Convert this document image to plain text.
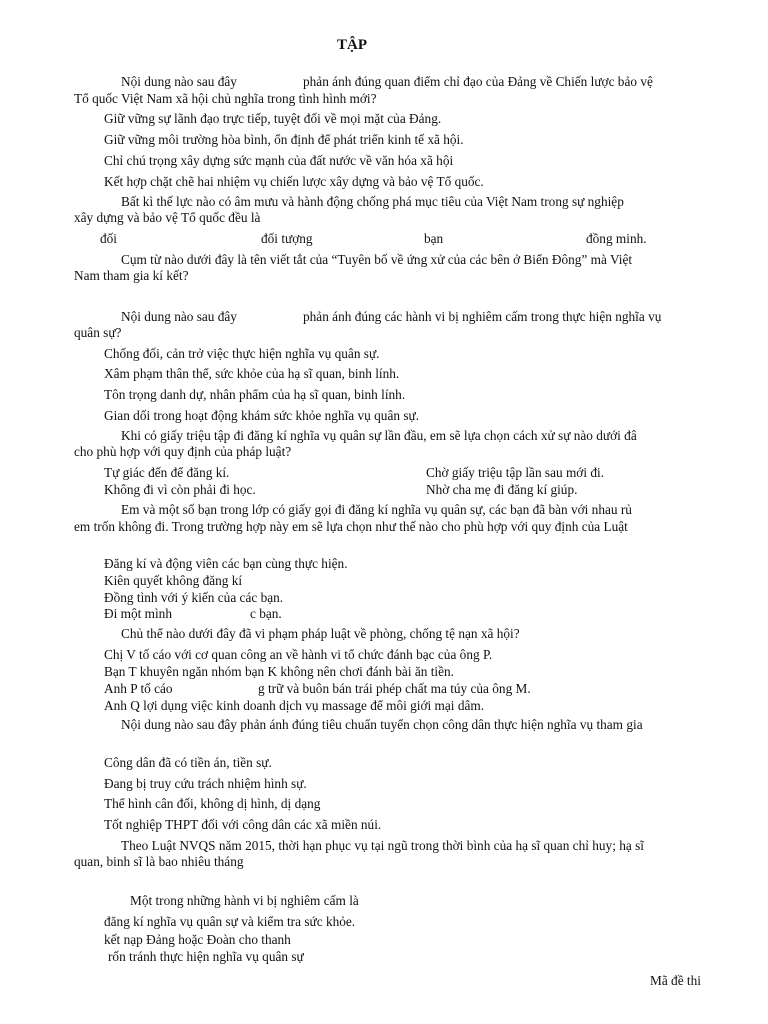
TẬP
Nội dung nào sau đây	phản ánh đúng quan điểm chỉ đạo của Đảng về Chiến lược bảo vệ
Tổ quốc Việt Nam xã hội chủ nghĩa trong tình hình mới?
Giữ vững sự lãnh đạo trực tiếp, tuyệt đối về mọi mặt của Đảng.
Giữ vững môi trường hòa bình, ổn định để phát triển kinh tế xã hội.
Chỉ chú trọng xây dựng sức mạnh của đất nước về văn hóa xã hội
Kết hợp chặt chẽ hai nhiệm vụ chiến lược xây dựng và bảo vệ Tổ quốc.
Bất kì thế lực nào có âm mưu và hành động chống phá mục tiêu của Việt Nam trong sự nghiệp
xây dựng và bảo vệ Tổ quốc đều là
đối	đối tượng	bạn	đồng minh.
Cụm từ nào dưới đây là tên viết tắt của “Tuyên bố về ứng xử của các bên ở Biển Đông” mà Việt
Nam tham gia kí kết?
Nội dung nào sau đây	phản ánh đúng các hành vi bị nghiêm cấm trong thực hiện nghĩa vụ
quân sự?
Chống đối, cản trở việc thực hiện nghĩa vụ quân sự.
Xâm phạm thân thể, sức khỏe của hạ sĩ quan, binh lính.
Tôn trọng danh dự, nhân phẩm của hạ sĩ quan, binh lính.
Gian dối trong hoạt động khám sức khỏe nghĩa vụ quân sự.
Khi có giấy triệu tập đi đăng kí nghĩa vụ quân sự lần đầu, em sẽ lựa chọn cách xử sự nào dưới đâ
cho phù hợp với quy định của pháp luật?
Tự giác đến để đăng kí.	Chờ giấy triệu tập lần sau mới đi.
Không đi vì còn phải đi học.	Nhờ cha mẹ đi đăng kí giúp.
Em và một số bạn trong lớp có giấy gọi đi đăng kí nghĩa vụ quân sự, các bạn đã bàn với nhau rủ
em trốn không đi. Trong trường hợp này em sẽ lựa chọn như thế nào cho phù hợp với quy định của Luật
Đăng kí và động viên các bạn cùng thực hiện.
Kiên quyết không đăng kí
Đồng tình với ý kiến của các bạn.
Đi một mình	c bạn.
Chủ thể nào dưới đây đã vi phạm pháp luật về phòng, chống tệ nạn xã hội?
Chị V tố cáo với cơ quan công an về hành vi tổ chức đánh bạc của ông P.
Bạn T khuyên ngăn nhóm bạn K không nên chơi đánh bài ăn tiền.
Anh P tố cáo	g trữ và buôn bán trái phép chất ma túy của ông M.
Anh Q lợi dụng việc kinh doanh dịch vụ massage để môi giới mại dâm.
Nội dung nào sau đây phản ánh đúng tiêu chuẩn tuyển chọn công dân thực hiện nghĩa vụ tham gia
Công dân đã có tiền án, tiền sự.
Đang bị truy cứu trách nhiệm hình sự.
Thể hình cân đối, không dị hình, dị dạng
Tốt nghiệp THPT đối với công dân các xã miền núi.
Theo Luật NVQS năm 2015, thời hạn phục vụ tại ngũ trong thời bình của hạ sĩ quan chỉ huy; hạ sĩ
quan, binh sĩ là bao nhiêu tháng
Một trong những hành vi bị nghiêm cấm là
đăng kí nghĩa vụ quân sự và kiểm tra sức khỏe.
kết nạp Đảng hoặc Đoàn cho thanh
rốn tránh thực hiện nghĩa vụ quân sự
Mã đề thi
